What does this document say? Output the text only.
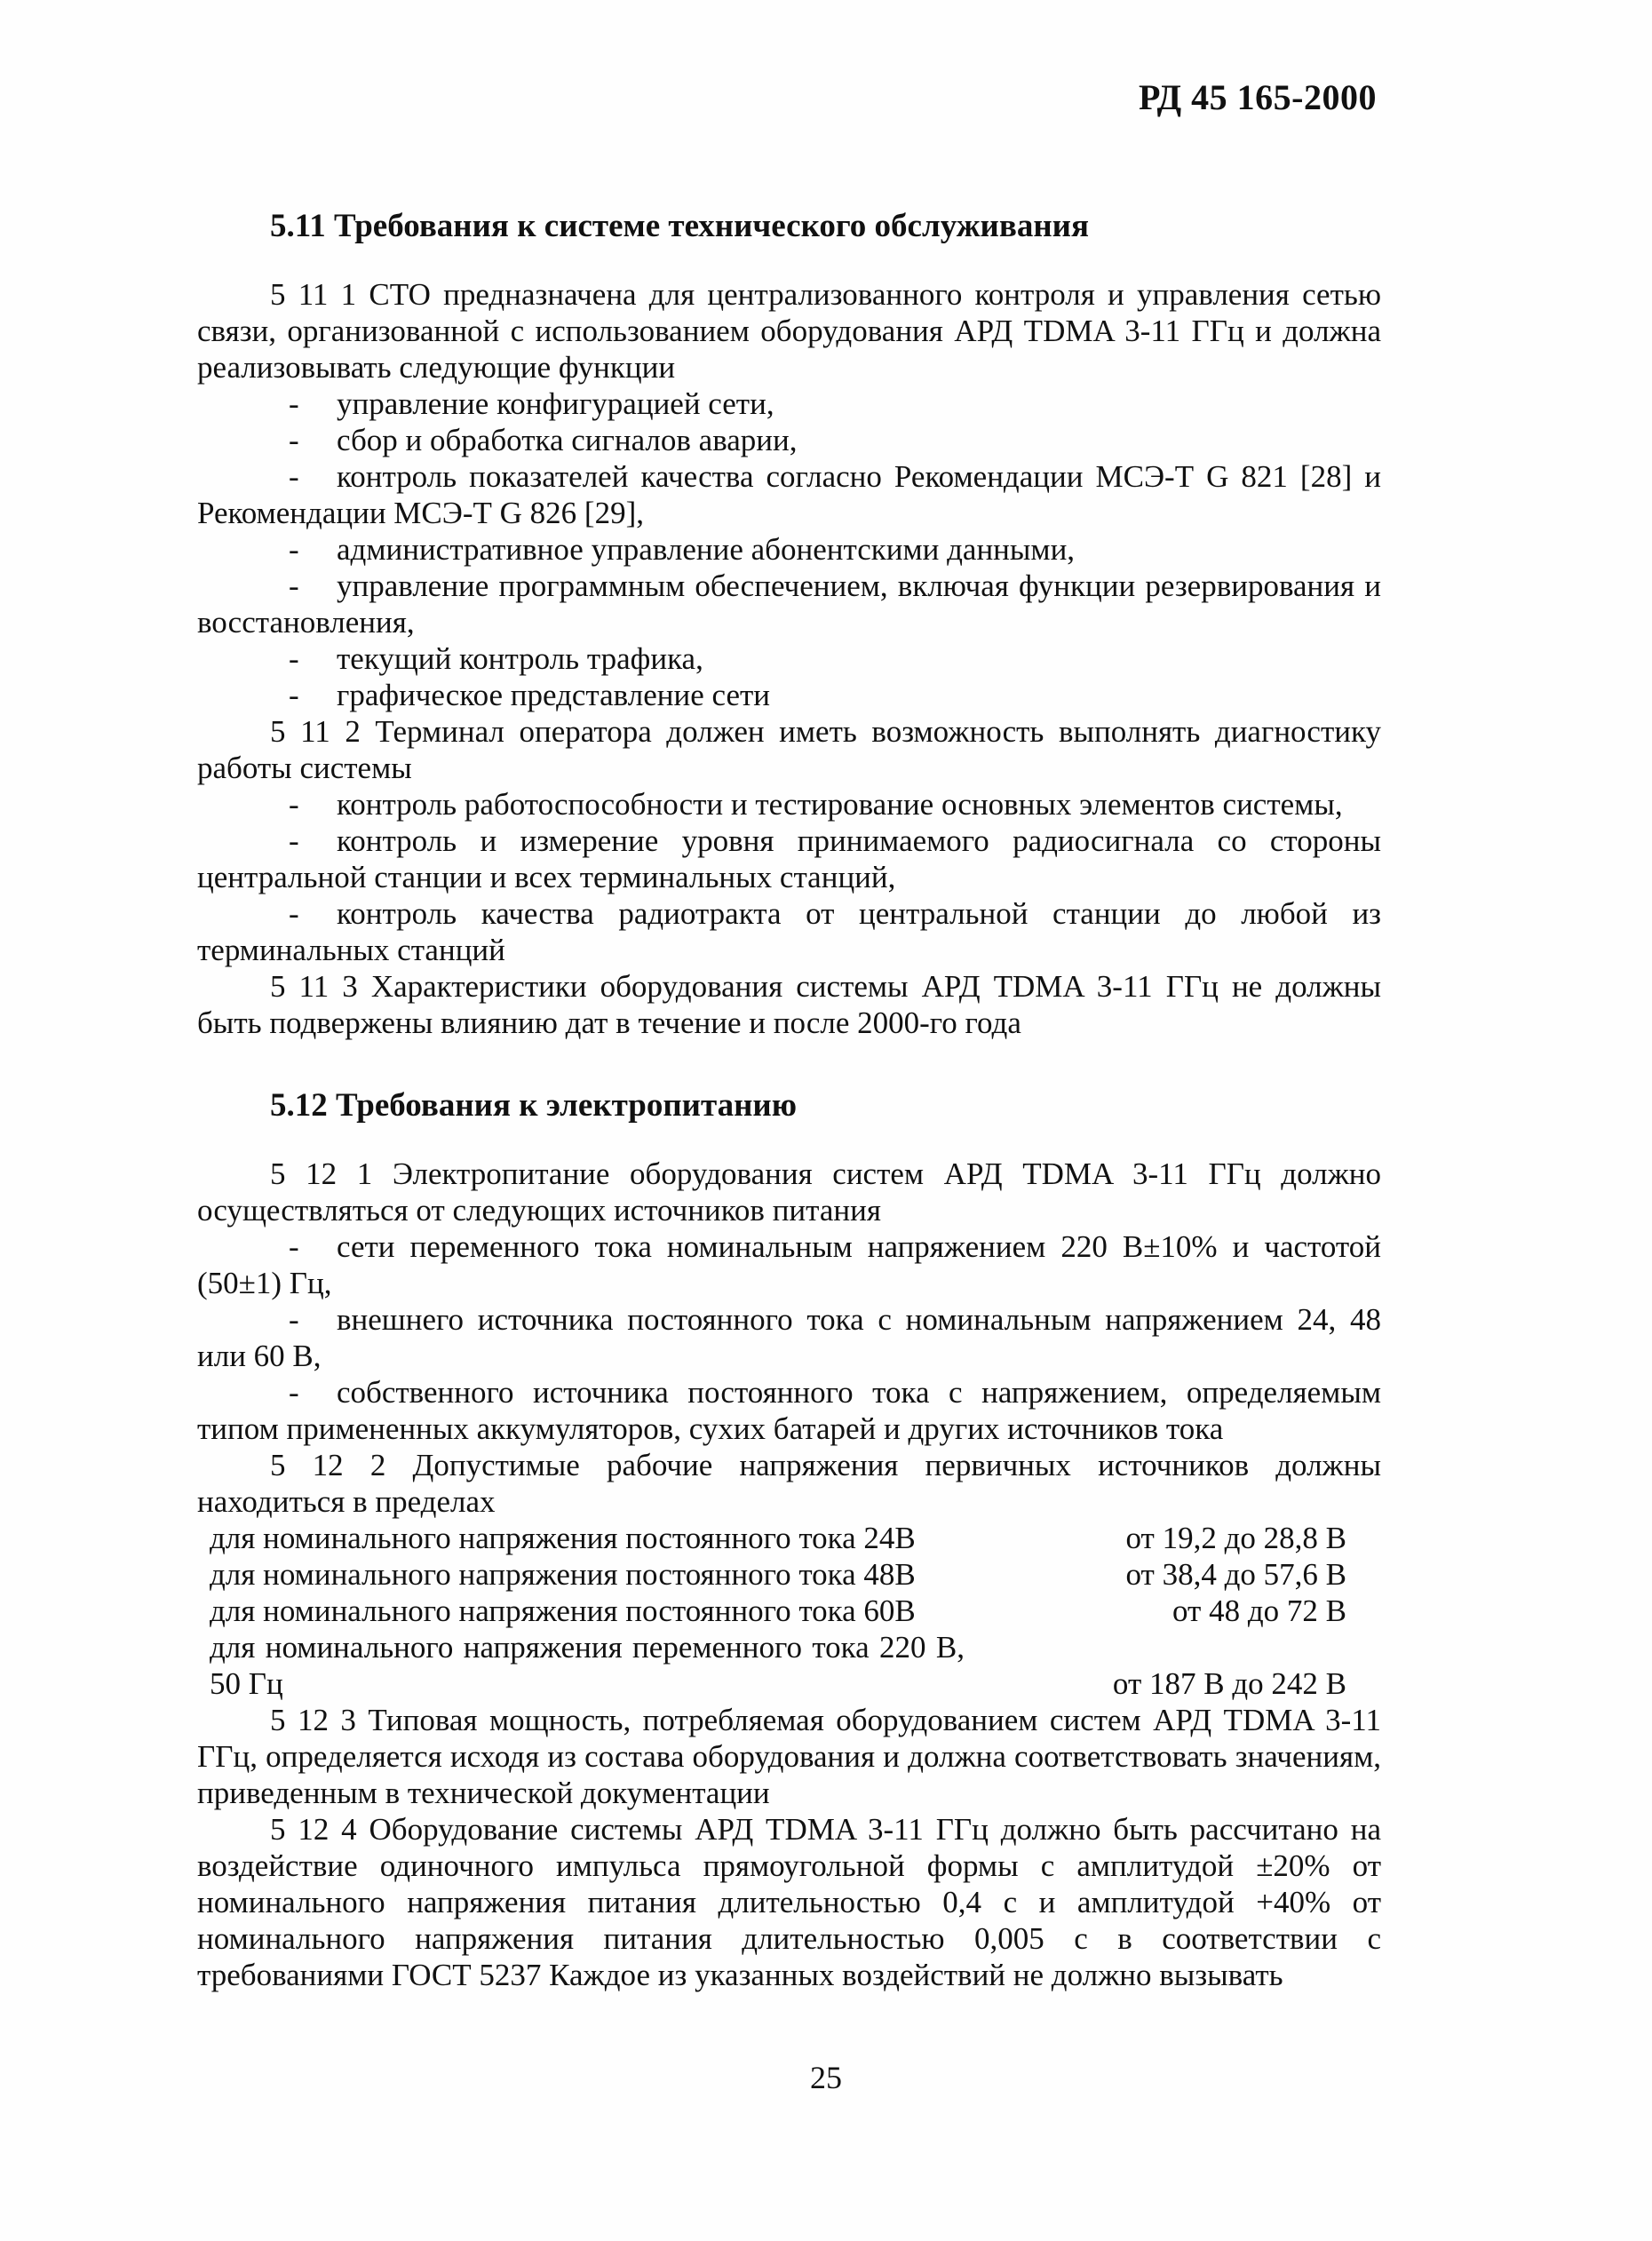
РД 45 165-2000
5.11 Требования к системе технического обслуживания

5 11 1 СТО предназначена для централизованного контроля и управления сетью связи, организованной с использованием оборудования АРД TDMA 3-11 ГГц и должна реализовывать следующие функции

- управление конфигурацией сети,

- сбор и обработка сигналов аварии,

- контроль показателей качества согласно Рекомендации МСЭ-Т G 821 [28] и Рекомендации МСЭ-Т G 826 [29],

- административное управление абонентскими данными,

- управление программным обеспечением, включая функции резервирования и восстановления,

- текущий контроль трафика,

- графическое представление сети

5 11 2 Терминал оператора должен иметь возможность выполнять диагностику работы системы

- контроль работоспособности и тестирование основных элементов системы,

- контроль и измерение уровня принимаемого радиосигнала со стороны центральной станции и всех терминальных станций,

- контроль качества радиотракта от центральной станции до любой из терминальных станций

5 11 3 Характеристики оборудования системы АРД TDMA 3-11 ГГц не должны быть подвержены влиянию дат в течение и после 2000-го года

5.12 Требования к электропитанию

5 12 1 Электропитание оборудования систем АРД TDMA 3-11 ГГц должно осуществляться от следующих источников питания

- сети переменного тока номинальным напряжением 220 В±10% и частотой (50±1) Гц,

- внешнего источника постоянного тока с номинальным напряжением 24, 48 или 60 В,

- собственного источника постоянного тока с напряжением, определяемым типом примененных аккумуляторов, сухих батарей и других источников тока

5 12 2 Допустимые рабочие напряжения первичных источников должны находиться в пределах

для номинального напряжения постоянного тока 24В	от 19,2 до 28,8 В
для номинального напряжения постоянного тока 48В	от 38,4 до 57,6 В
для номинального напряжения постоянного тока 60В	от 48 до 72 В
для номинального напряжения переменного тока 220 В, 50 Гц	от 187 В до 242 В

5 12 3 Типовая мощность, потребляемая оборудованием систем АРД TDMA 3-11 ГГц, определяется исходя из состава оборудования и должна соответствовать значениям, приведенным в технической документации

5 12 4 Оборудование системы АРД TDMA 3-11 ГГц должно быть рассчитано на воздействие одиночного импульса прямоугольной формы с амплитудой ±20% от номинального напряжения питания длительностью 0,4 с и амплитудой +40% от номинального напряжения питания длительностью 0,005 с в соответствии с требованиями ГОСТ 5237 Каждое из указанных воздействий не должно вызывать

25
